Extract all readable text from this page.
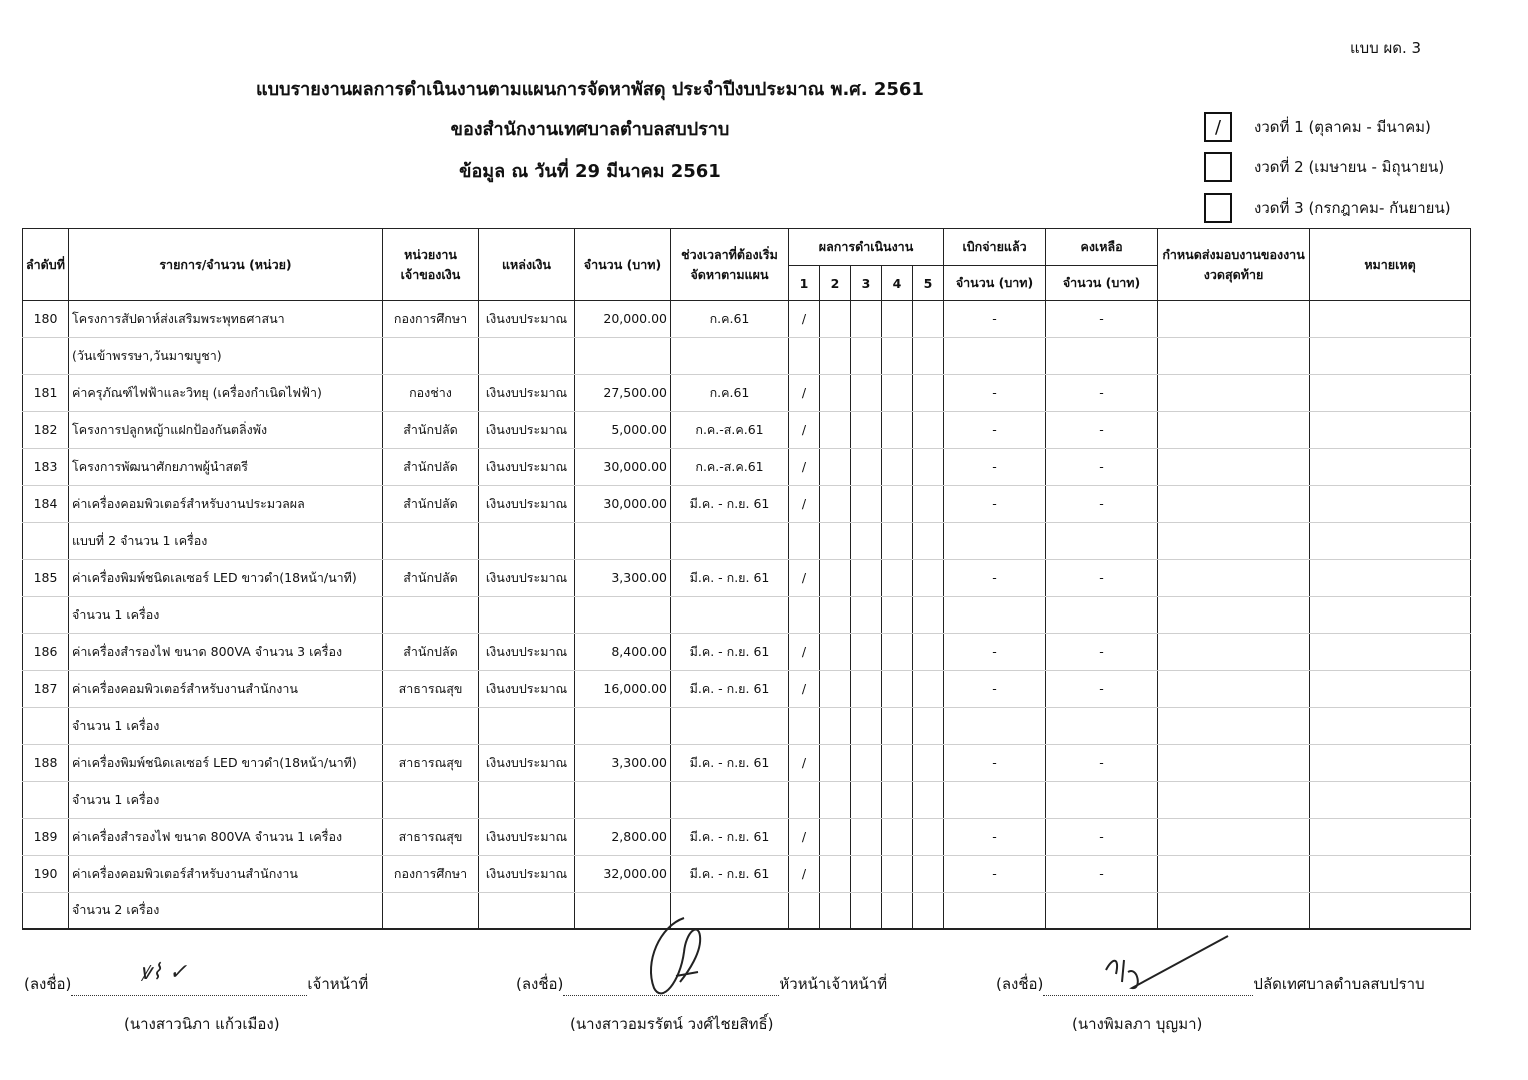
แบบ ผด. 3
แบบรายงานผลการดำเนินงานตามแผนการจัดหาพัสดุ ประจำปีงบประมาณ พ.ศ. 2561
ของสำนักงานเทศบาลตำบลสบปราบ
ข้อมูล ณ วันที่ 29 มีนาคม 2561
/	งวดที่ 1 (ตุลาคม - มีนาคม)
งวดที่ 2 (เมษายน - มิถุนายน)
งวดที่ 3 (กรกฎาคม- กันยายน)
ลำดับที่	รายการ/จำนวน (หน่วย)	หน่วยงานเจ้าของเงิน	แหล่งเงิน	จำนวน (บาท)	ช่วงเวลาที่ต้องเริ่มจัดหาตามแผน	ผลการดำเนินงาน					เบิกจ่ายแล้ว	คงเหลือ	กำหนดส่งมอบงานของงานงวดสุดท้าย	หมายเหตุ
						1	2	3	4	5	จำนวน (บาท)	จำนวน (บาท)		
180	โครงการสัปดาห์ส่งเสริมพระพุทธศาสนา	กองการศึกษา	เงินงบประมาณ	20,000.00	ก.ค.61	/					-	-		
	(วันเข้าพรรษา,วันมาฆบูชา)													
181	ค่าครุภัณฑ์ไฟฟ้าและวิทยุ (เครื่องกำเนิดไฟฟ้า)	กองช่าง	เงินงบประมาณ	27,500.00	ก.ค.61	/					-	-		
182	โครงการปลูกหญ้าแฝกป้องกันตลิ่งพัง	สำนักปลัด	เงินงบประมาณ	5,000.00	ก.ค.-ส.ค.61	/					-	-		
183	โครงการพัฒนาศักยภาพผู้นำสตรี	สำนักปลัด	เงินงบประมาณ	30,000.00	ก.ค.-ส.ค.61	/					-	-		
184	ค่าเครื่องคอมพิวเตอร์สำหรับงานประมวลผล	สำนักปลัด	เงินงบประมาณ	30,000.00	มี.ค. - ก.ย. 61	/					-	-		
	แบบที่ 2 จำนวน 1 เครื่อง													
185	ค่าเครื่องพิมพ์ชนิดเลเซอร์ LED ขาวดำ(18หน้า/นาที)	สำนักปลัด	เงินงบประมาณ	3,300.00	มี.ค. - ก.ย. 61	/					-	-		
	จำนวน 1 เครื่อง													
186	ค่าเครื่องสำรองไฟ ขนาด 800VA จำนวน 3 เครื่อง	สำนักปลัด	เงินงบประมาณ	8,400.00	มี.ค. - ก.ย. 61	/					-	-		
187	ค่าเครื่องคอมพิวเตอร์สำหรับงานสำนักงาน	สาธารณสุข	เงินงบประมาณ	16,000.00	มี.ค. - ก.ย. 61	/					-	-		
	จำนวน 1 เครื่อง													
188	ค่าเครื่องพิมพ์ชนิดเลเซอร์ LED ขาวดำ(18หน้า/นาที)	สาธารณสุข	เงินงบประมาณ	3,300.00	มี.ค. - ก.ย. 61	/					-	-		
	จำนวน 1 เครื่อง													
189	ค่าเครื่องสำรองไฟ ขนาด 800VA จำนวน 1 เครื่อง	สาธารณสุข	เงินงบประมาณ	2,800.00	มี.ค. - ก.ย. 61	/					-	-		
190	ค่าเครื่องคอมพิวเตอร์สำหรับงานสำนักงาน	กองการศึกษา	เงินงบประมาณ	32,000.00	มี.ค. - ก.ย. 61	/					-	-		
	จำนวน 2 เครื่อง													
(ลงชื่อ)	เจ้าหน้าที่
ꝟ⌇ ✓
(นางสาวนิภา แก้วเมือง)
(ลงชื่อ)	หัวหน้าเจ้าหน้าที่
(นางสาวอมรรัตน์ วงศ์ไชยสิทธิ์)
(ลงชื่อ)	ปลัดเทศบาลตำบลสบปราบ
(นางพิมลภา บุญมา)
